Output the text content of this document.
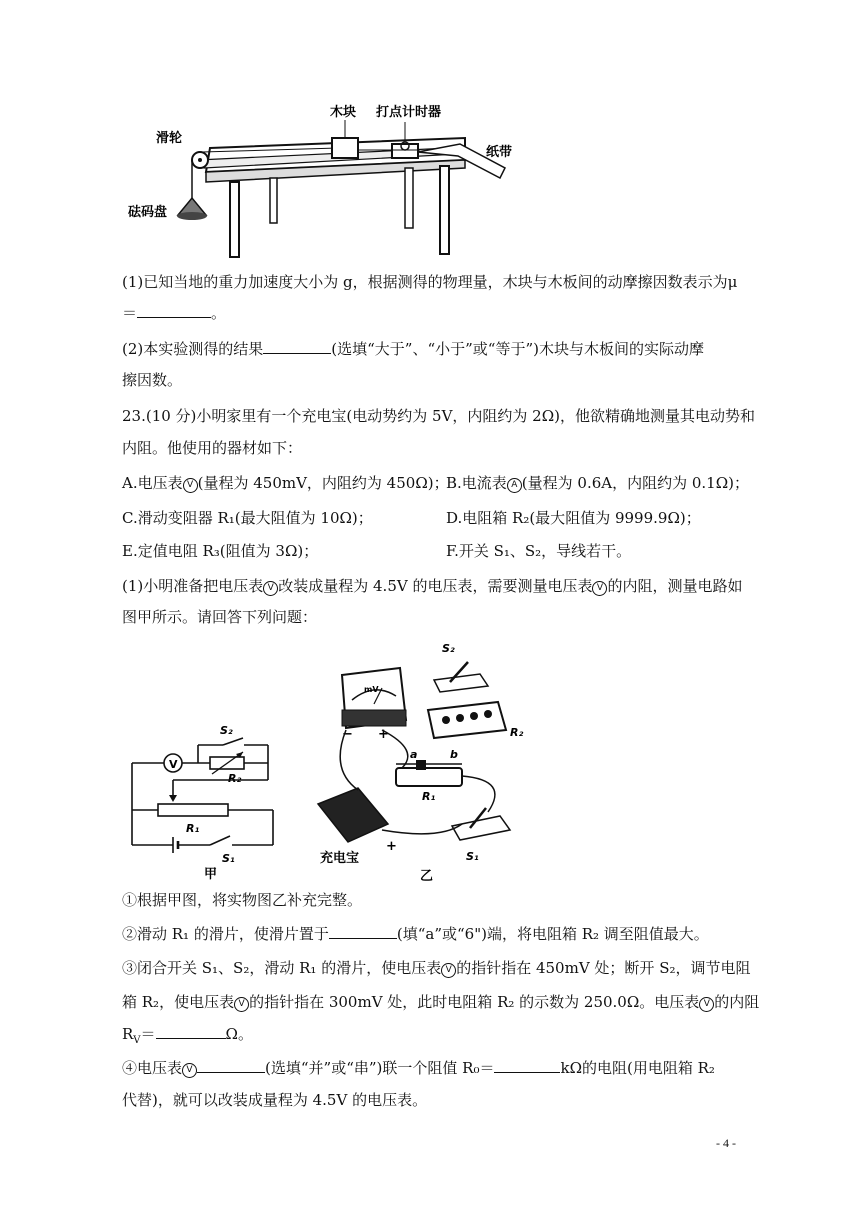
木块 打点计时器
滑轮
纸带
砝码盘
(1)已知当地的重力加速度大小为 g，根据测得的物理量，木块与木板间的动摩擦因数表示为μ
＝	。
(2)本实验测得的结果	(选填“大于”、“小于”或“等于”)木块与木板间的实际动摩
擦因数。
23.(10 分)小明家里有一个充电宝(电动势约为 5V，内阻约为 2Ω)，他欲精确地测量其电动势和
内阻。他使用的器材如下：
A.电压表 V (量程为 450mV，内阻约为 450Ω)；
B.电流表 A (量程为 0.6A，内阻约为 0.1Ω)；
C.滑动变阻器 R₁(最大阻值为 10Ω)；	D.电阻箱 R₂(最大阻值为 9999.9Ω)；
E.定值电阻 R₃(阻值为 3Ω)；	F.开关 S₁、S₂，导线若干。
(1)小明准备把电压表 V 改装成量程为 4.5V 的电压表，需要测量电压表 V 的内阻，测量电路如
图甲所示。请回答下列问题：
V
S₂
R₂
R₁
S₁
甲
mV
− +
S₂
R₂
a	b
R₁
S₁
充电宝
+
乙
①根据甲图，将实物图乙补充完整。
②滑动 R₁ 的滑片，使滑片置于	(填“a”或“6")端，将电阻箱 R₂ 调至阻值最大。
③闭合开关 S₁、S₂，滑动 R₁ 的滑片，使电压表 V 的指针指在 450mV 处；断开 S₂，调节电阻
箱 R₂，使电压表 V 的指针指在 300mV 处，此时电阻箱 R₂ 的示数为 250.0Ω。电压表 V 的内阻
$R_V=$	Ω。
④电压表 V	(选填“并”或“串”)联一个阻值 R₀＝	kΩ的电阻(用电阻箱 R₂
代替)，就可以改装成量程为 4.5V 的电压表。
- 4 -
